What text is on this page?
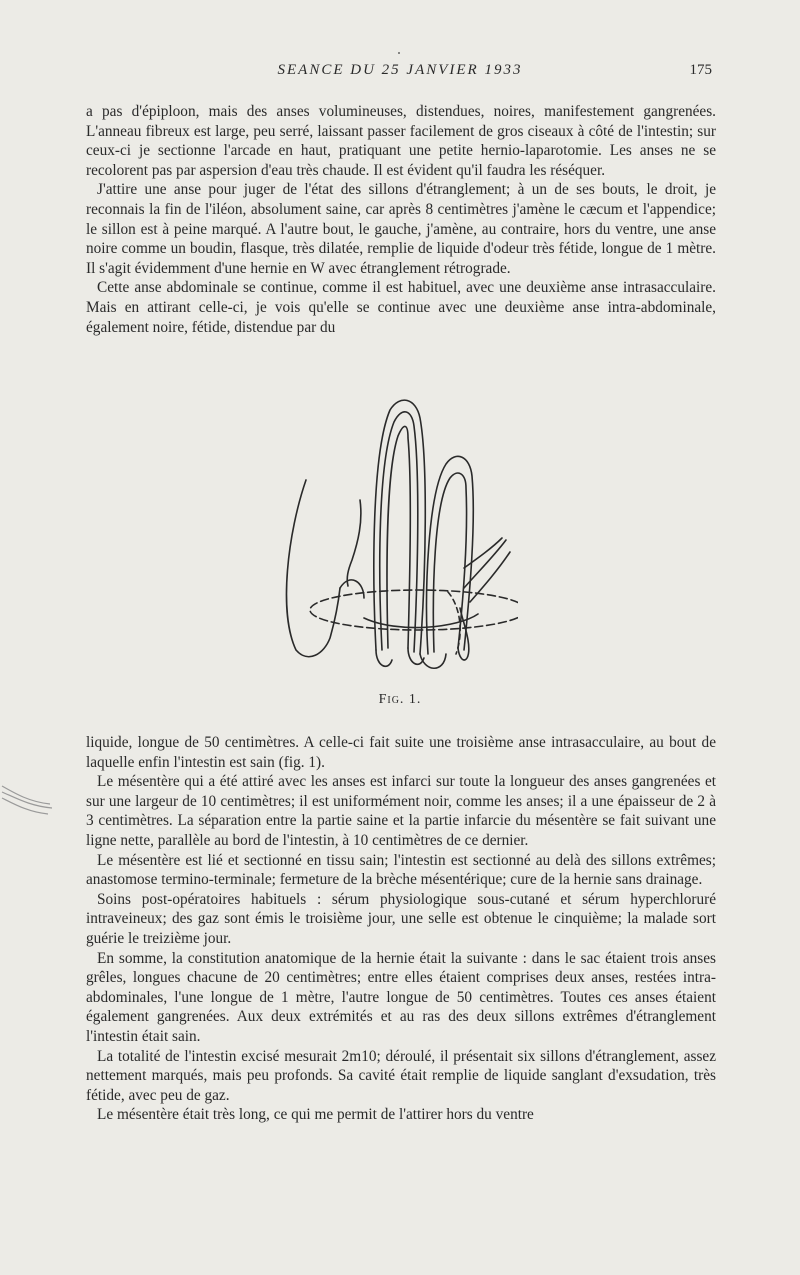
SEANCE DU 25 JANVIER 1933	175

a pas d'épiploon, mais des anses volumineuses, distendues, noires, manifestement gangrenées. L'anneau fibreux est large, peu serré, laissant passer facilement de gros ciseaux à côté de l'intestin; sur ceux-ci je sectionne l'arcade en haut, pratiquant une petite hernio-laparotomie. Les anses ne se recolorent pas par aspersion d'eau très chaude. Il est évident qu'il faudra les réséquer.

J'attire une anse pour juger de l'état des sillons d'étranglement; à un de ses bouts, le droit, je reconnais la fin de l'iléon, absolument saine, car après 8 centimètres j'amène le cæcum et l'appendice; le sillon est à peine marqué. A l'autre bout, le gauche, j'amène, au contraire, hors du ventre, une anse noire comme un boudin, flasque, très dilatée, remplie de liquide d'odeur très fétide, longue de 1 mètre. Il s'agit évidemment d'une hernie en W avec étranglement rétrograde.

Cette anse abdominale se continue, comme il est habituel, avec une deuxième anse intrasacculaire. Mais en attirant celle-ci, je vois qu'elle se continue avec une deuxième anse intra-abdominale, également noire, fétide, distendue par du

Fig. 1.

liquide, longue de 50 centimètres. A celle-ci fait suite une troisième anse intrasacculaire, au bout de laquelle enfin l'intestin est sain (fig. 1).

Le mésentère qui a été attiré avec les anses est infarci sur toute la longueur des anses gangrenées et sur une largeur de 10 centimètres; il est uniformément noir, comme les anses; il a une épaisseur de 2 à 3 centimètres. La séparation entre la partie saine et la partie infarcie du mésentère se fait suivant une ligne nette, parallèle au bord de l'intestin, à 10 centimètres de ce dernier.

Le mésentère est lié et sectionné en tissu sain; l'intestin est sectionné au delà des sillons extrêmes; anastomose termino-terminale; fermeture de la brèche mésentérique; cure de la hernie sans drainage.

Soins post-opératoires habituels : sérum physiologique sous-cutané et sérum hyperchloruré intraveineux; des gaz sont émis le troisième jour, une selle est obtenue le cinquième; la malade sort guérie le treizième jour.

En somme, la constitution anatomique de la hernie était la suivante : dans le sac étaient trois anses grêles, longues chacune de 20 centimètres; entre elles étaient comprises deux anses, restées intra-abdominales, l'une longue de 1 mètre, l'autre longue de 50 centimètres. Toutes ces anses étaient également gangrenées. Aux deux extrémités et au ras des deux sillons extrêmes d'étranglement l'intestin était sain.

La totalité de l'intestin excisé mesurait 2m10; déroulé, il présentait six sillons d'étranglement, assez nettement marqués, mais peu profonds. Sa cavité était remplie de liquide sanglant d'exsudation, très fétide, avec peu de gaz.

Le mésentère était très long, ce qui me permit de l'attirer hors du ventre
